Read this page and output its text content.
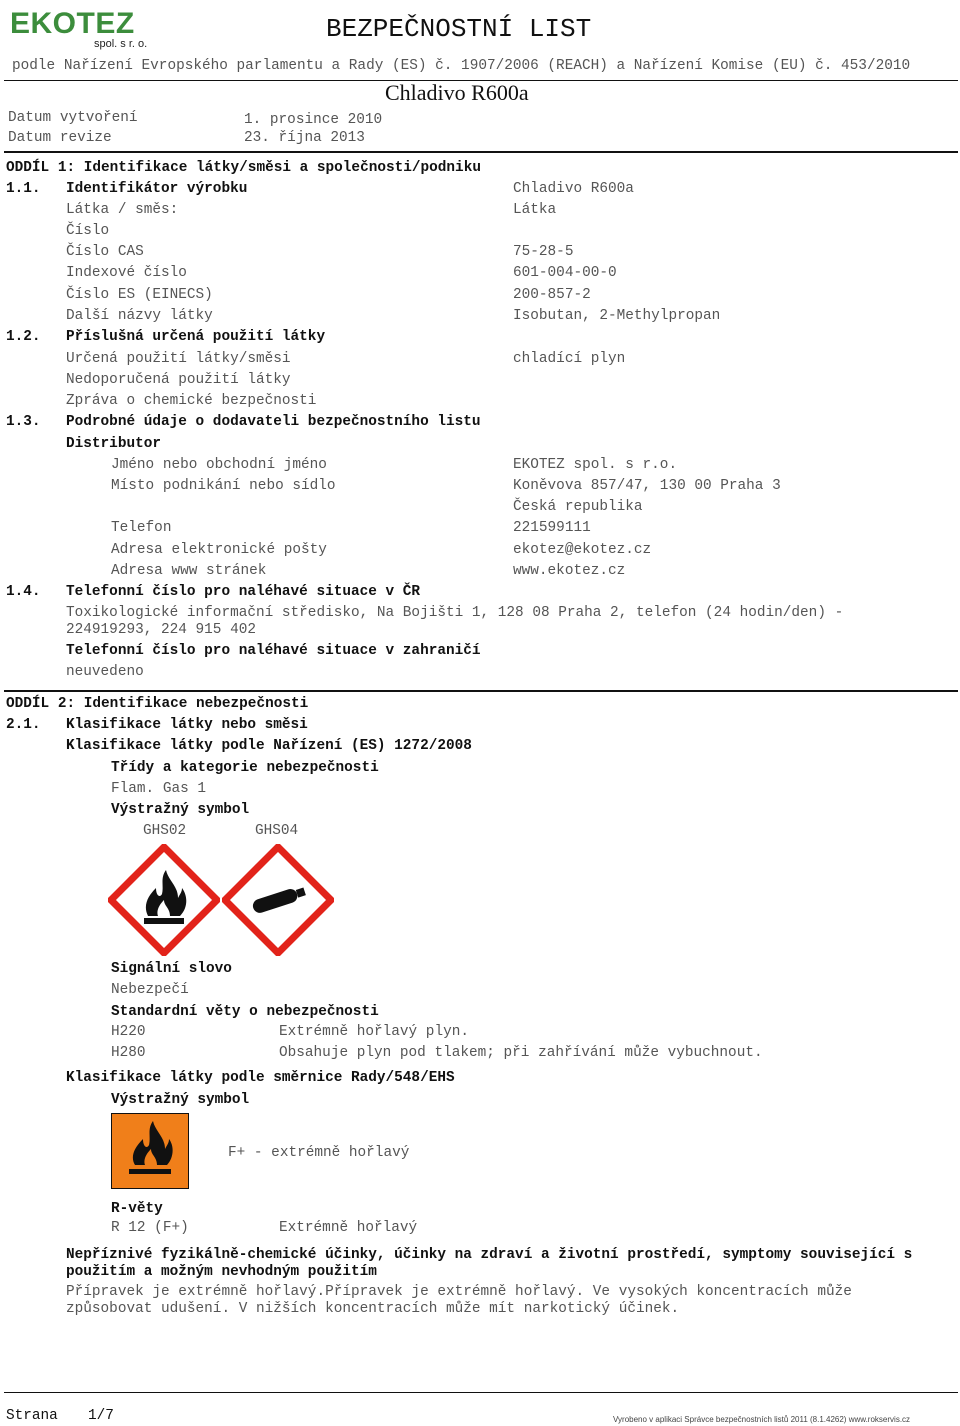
EKOTEZ
spol. s r. o.	BEZPEČNOSTNÍ LIST
podle Nařízení Evropského parlamentu a Rady (ES) č. 1907/2006 (REACH) a Nařízení Komise (EU) č. 453/2010
Chladivo R600a
Datum vytvoření	1. prosince 2010
Datum revize	23. října 2013
ODDÍL 1: Identifikace látky/směsi a společnosti/podniku
1.1. Identifikátor výrobku	Chladivo R600a
Látka / směs:	Látka
Číslo
Číslo CAS	75-28-5
Indexové číslo	601-004-00-0
Číslo ES (EINECS)	200-857-2
Další názvy látky	Isobutan, 2-Methylpropan
1.2. Příslušná určená použití látky
Určená použití látky/směsi	chladící plyn
Nedoporučená použití látky
Zpráva o chemické bezpečnosti
1.3. Podrobné údaje o dodavateli bezpečnostního listu
Distributor
Jméno nebo obchodní jméno	EKOTEZ spol. s r.o.
Místo podnikání nebo sídlo	Koněvova 857/47, 130 00 Praha 3
Česká republika
Telefon	221599111
Adresa elektronické pošty	ekotez@ekotez.cz
Adresa www stránek	www.ekotez.cz
1.4. Telefonní číslo pro naléhavé situace v ČR
Toxikologické informační středisko, Na Bojišti 1, 128 08 Praha 2, telefon (24 hodin/den) -
224919293, 224 915 402
Telefonní číslo pro naléhavé situace v zahraničí
neuvedeno
ODDÍL 2: Identifikace nebezpečnosti
2.1. Klasifikace látky nebo směsi
Klasifikace látky podle Nařízení (ES) 1272/2008
Třídy a kategorie nebezpečnosti
Flam. Gas 1
Výstražný symbol
GHS02	GHS04
Signální slovo
Nebezpečí
Standardní věty o nebezpečnosti
H220	Extrémně hořlavý plyn.
H280	Obsahuje plyn pod tlakem; při zahřívání může vybuchnout.
Klasifikace látky podle směrnice Rady/548/EHS
Výstražný symbol
F+ - extrémně hořlavý
R-věty
R 12 (F+)	Extrémně hořlavý
Nepříznivé fyzikálně-chemické účinky, účinky na zdraví a životní prostředí, symptomy související s
použitím a možným nevhodným použitím
Přípravek je extrémně hořlavý.Přípravek je extrémně hořlavý. Ve vysokých koncentracích může
způsobovat udušení. V nižších koncentracích může mít narkotický účinek.
Strana 1/7	Vyrobeno v aplikaci Správce bezpečnostních listů 2011 (8.1.4262) www.rokservis.cz
